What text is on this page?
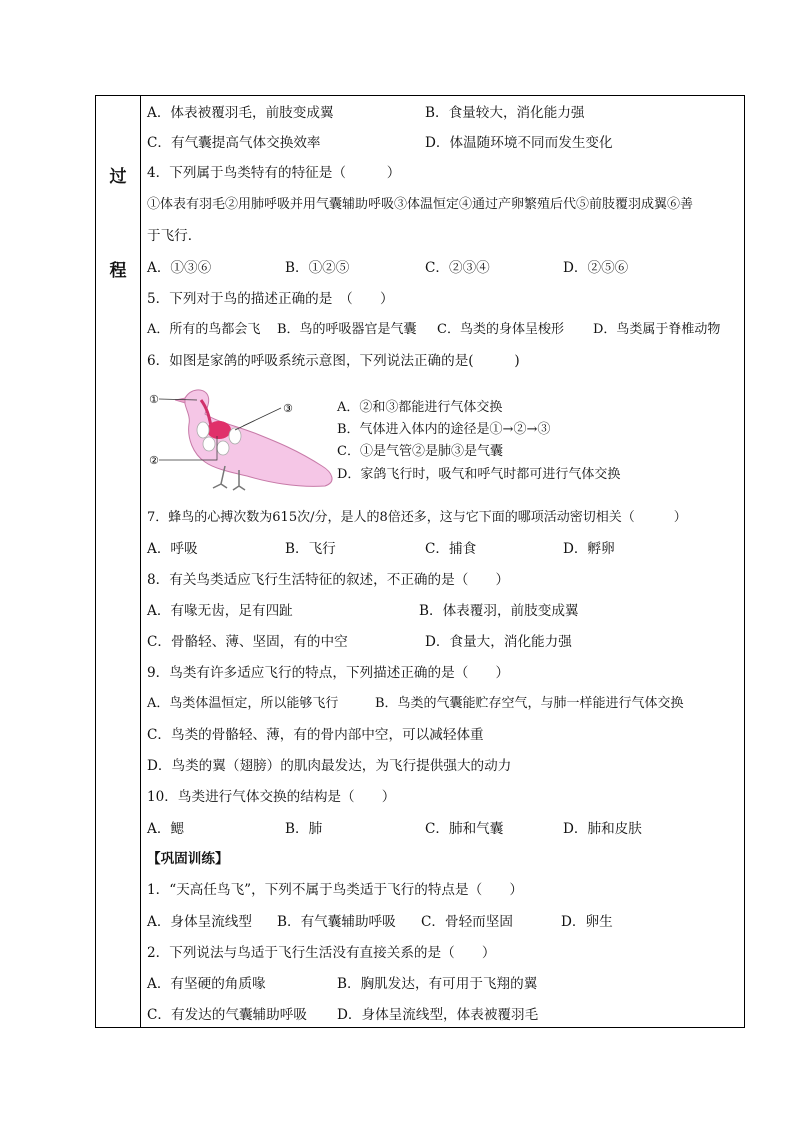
过
程
A．体表被覆羽毛，前肢变成翼	B．食量较大，消化能力强
C．有气囊提高气体交换效率	D．体温随环境不同而发生变化
4．下列属于鸟类特有的特征是（　　　）
①体表有羽毛②用肺呼吸并用气囊辅助呼吸③体温恒定④通过产卵繁殖后代⑤前肢覆羽成翼⑥善
于飞行．
A．①③⑥	B．①②⑤	C．②③④	D．②⑤⑥
5．下列对于鸟的描述正确的是　（　　）
A．所有的鸟都会飞 B．鸟的呼吸器官是气囊 C．鸟类的身体呈梭形 D．鸟类属于脊椎动物
6．如图是家鸽的呼吸系统示意图，下列说法正确的是(　　　)
①
②
③	A．②和③都能进行气体交换
B．气体进入体内的途径是①→②→③
C．①是气管②是肺③是气囊
D．家鸽飞行时，吸气和呼气时都可进行气体交换
7．蜂鸟的心搏次数为615次/分，是人的8倍还多，这与它下面的哪项活动密切相关（　　　）
A．呼吸	B．飞行	C．捕食	D．孵卵
8．有关鸟类适应飞行生活特征的叙述，不正确的是（　　）
A．有喙无齿，足有四趾	B．体表覆羽，前肢变成翼
C．骨骼轻、薄、坚固，有的中空	D．食量大，消化能力强
9．鸟类有许多适应飞行的特点，下列描述正确的是（　　）
A．鸟类体温恒定，所以能够飞行	B．鸟类的气囊能贮存空气，与肺一样能进行气体交换
C．鸟类的骨骼轻、薄，有的骨内部中空，可以减轻体重
D．鸟类的翼（翅膀）的肌肉最发达，为飞行提供强大的动力
10．鸟类进行气体交换的结构是（　　）
A．鳃	B．肺	C．肺和气囊	D．肺和皮肤
【巩固训练】
1．“天高任鸟飞”，下列不属于鸟类适于飞行的特点是（　　）
A．身体呈流线型 B．有气囊辅助呼吸 C．骨轻而坚固	D．卵生
2．下列说法与鸟适于飞行生活没有直接关系的是（　　）
A．有坚硬的角质喙	B．胸肌发达，有可用于飞翔的翼
C．有发达的气囊辅助呼吸 D．身体呈流线型，体表被覆羽毛
